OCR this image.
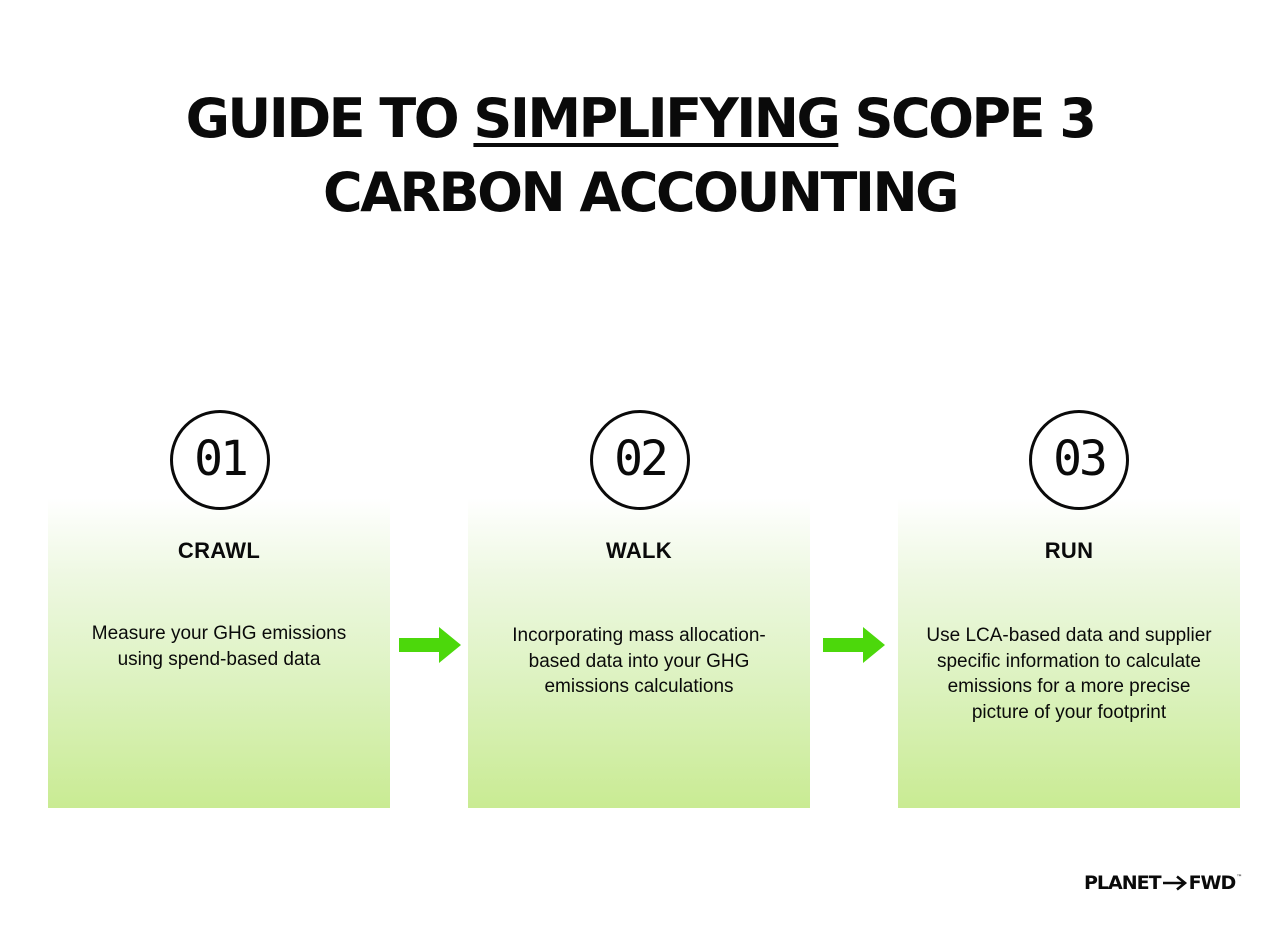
GUIDE TO SIMPLIFYING SCOPE 3
CARBON ACCOUNTING
CRAWL
Measure your GHG emissions using spend-based data
WALK
Incorporating mass allocation-based data into your GHG emissions calculations
RUN
Use LCA-based data and supplier specific information to calculate emissions for a more precise picture of your footprint
01	02	03
PLANET FWD ™
